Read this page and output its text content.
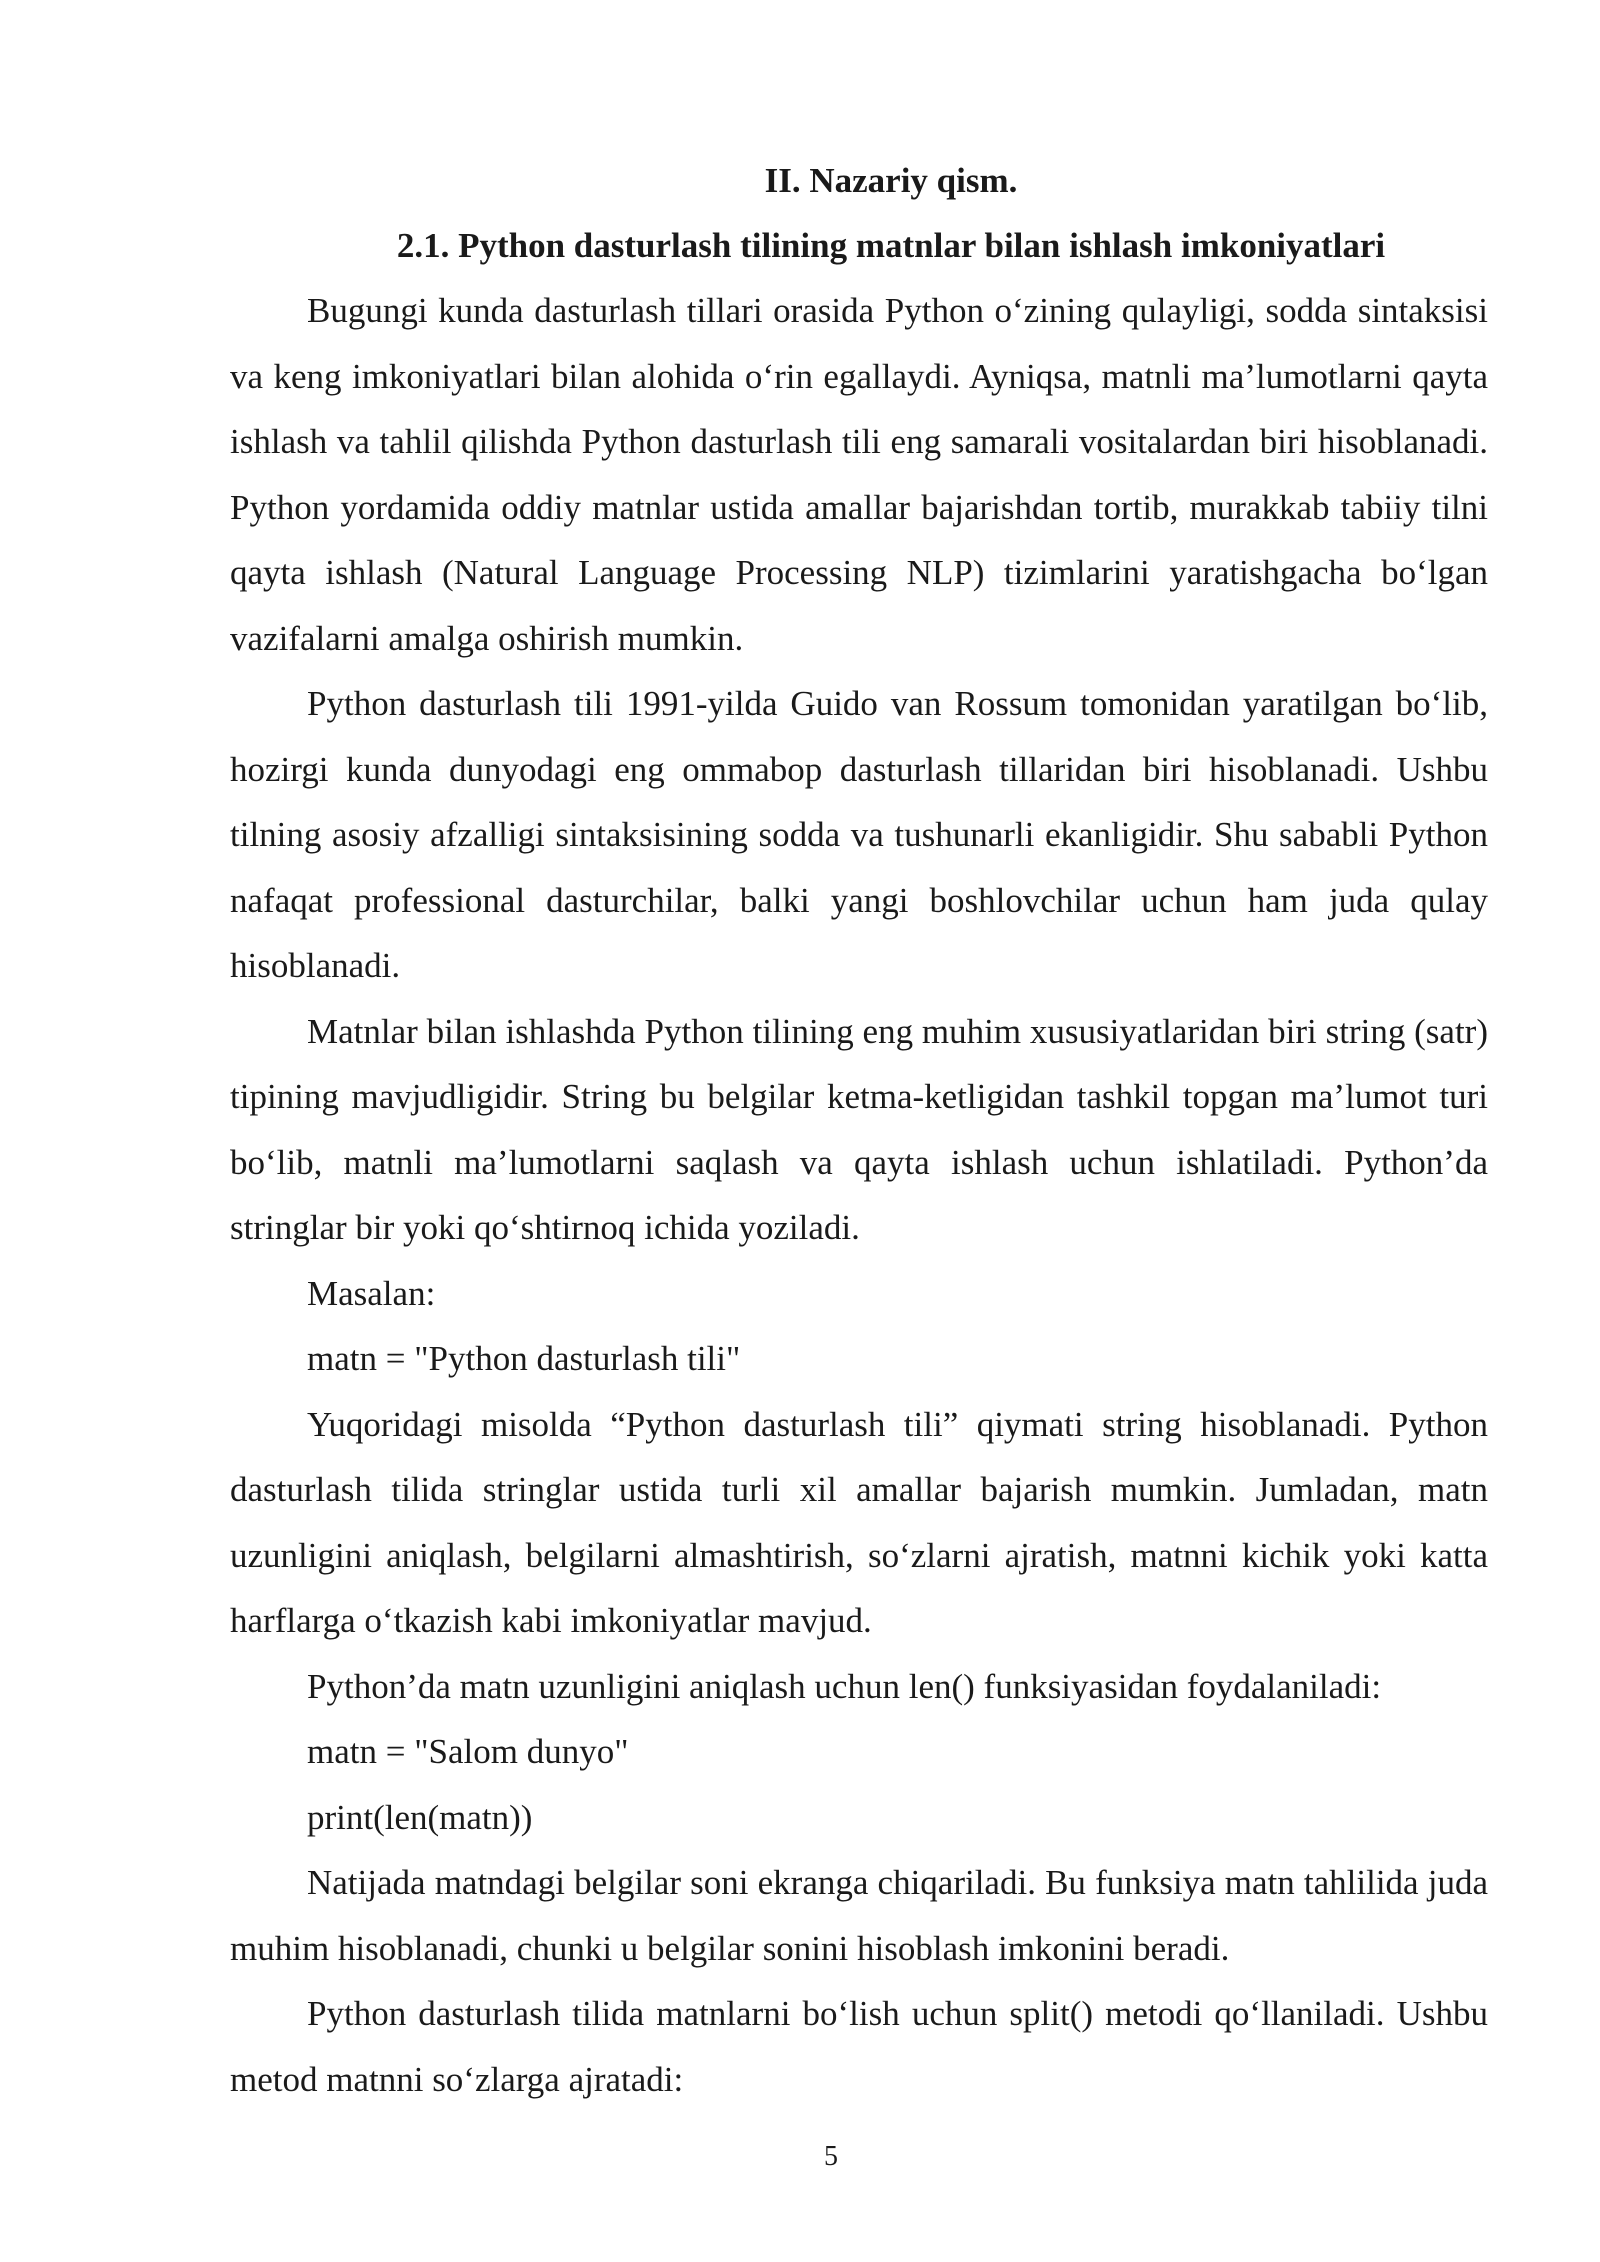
II. Nazariy qism.

2.1. Python dasturlash tilining matnlar bilan ishlash imkoniyatlari

Bugungi kunda dasturlash tillari orasida Python o‘zining qulayligi, sodda sintaksisi va keng imkoniyatlari bilan alohida o‘rin egallaydi. Ayniqsa, matnli ma’lumotlarni qayta ishlash va tahlil qilishda Python dasturlash tili eng samarali vositalardan biri hisoblanadi. Python yordamida oddiy matnlar ustida amallar bajarishdan tortib, murakkab tabiiy tilni qayta ishlash (Natural Language Processing NLP) tizimlarini yaratishgacha bo‘lgan vazifalarni amalga oshirish mumkin.

Python dasturlash tili 1991-yilda Guido van Rossum tomonidan yaratilgan bo‘lib, hozirgi kunda dunyodagi eng ommabop dasturlash tillaridan biri hisoblanadi. Ushbu tilning asosiy afzalligi sintaksisining sodda va tushunarli ekanligidir. Shu sababli Python nafaqat professional dasturchilar, balki yangi boshlovchilar uchun ham juda qulay hisoblanadi.

Matnlar bilan ishlashda Python tilining eng muhim xususiyatlaridan biri string (satr) tipining mavjudligidir. String bu belgilar ketma-ketligidan tashkil topgan ma’lumot turi bo‘lib, matnli ma’lumotlarni saqlash va qayta ishlash uchun ishlatiladi. Python’da stringlar bir yoki qo‘shtirnoq ichida yoziladi.

Masalan:

matn = "Python dasturlash tili"

Yuqoridagi misolda “Python dasturlash tili” qiymati string hisoblanadi. Python dasturlash tilida stringlar ustida turli xil amallar bajarish mumkin. Jumladan, matn uzunligini aniqlash, belgilarni almashtirish, so‘zlarni ajratish, matnni kichik yoki katta harflarga o‘tkazish kabi imkoniyatlar mavjud.

Python’da matn uzunligini aniqlash uchun len() funksiyasidan foydalaniladi:

matn = "Salom dunyo"

print(len(matn))

Natijada matndagi belgilar soni ekranga chiqariladi. Bu funksiya matn tahlilida juda muhim hisoblanadi, chunki u belgilar sonini hisoblash imkonini beradi.

Python dasturlash tilida matnlarni bo‘lish uchun split() metodi qo‘llaniladi. Ushbu metod matnni so‘zlarga ajratadi:

5
